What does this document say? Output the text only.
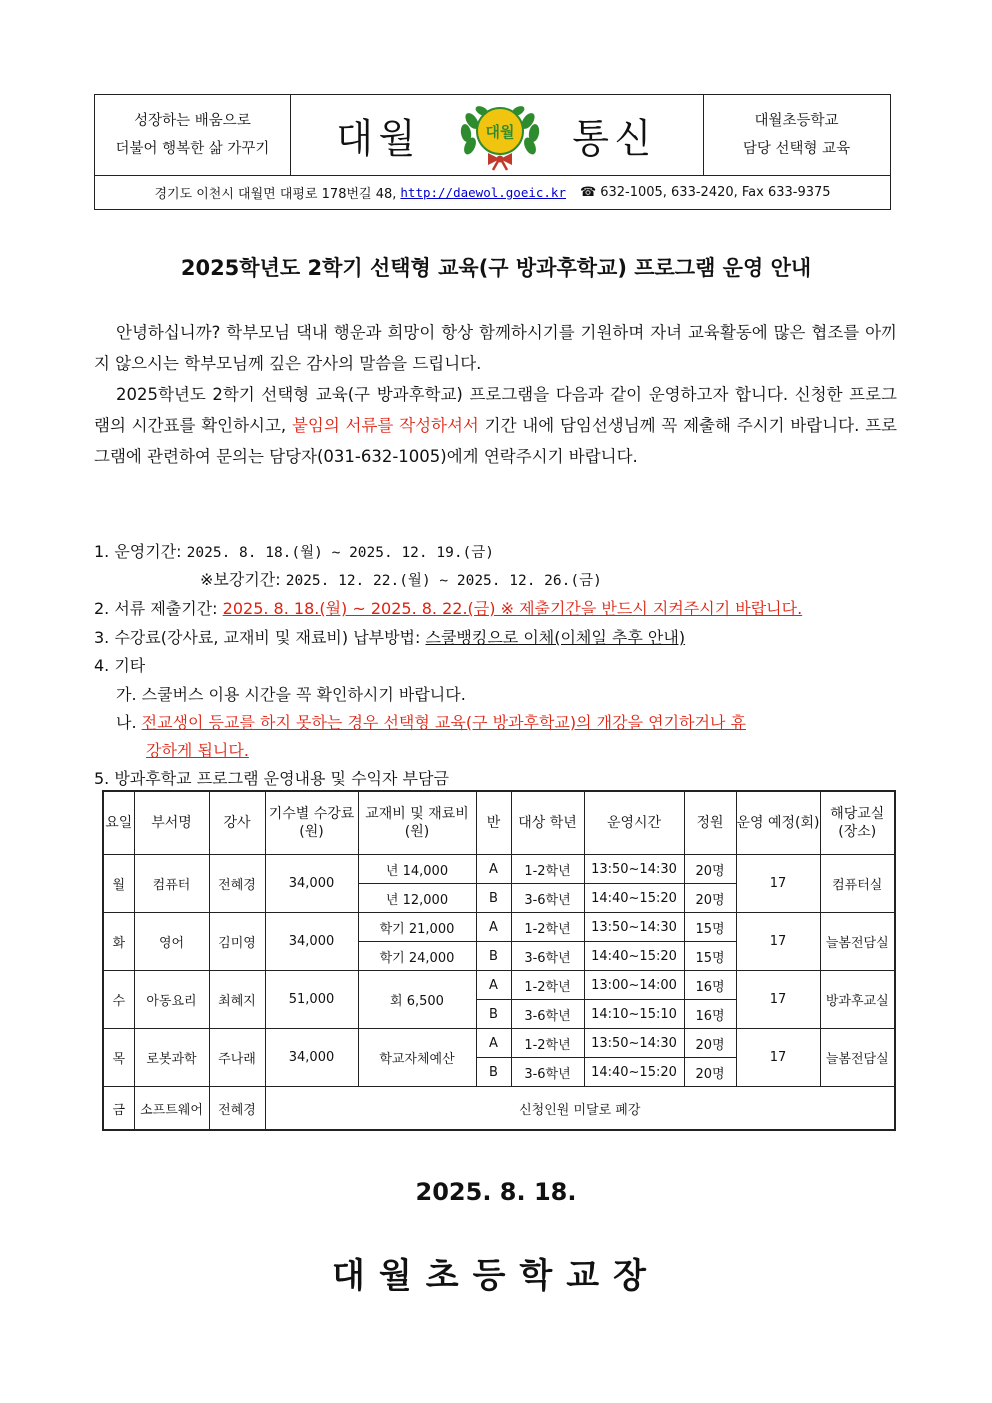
성장하는 배움으로
더불어 행복한 삶 가꾸기 대월	대월 통신	대월초등학교
담당 선택형 교육
경기도 이천시 대월면 대평로 178번길 48, http://daewol.goeic.kr ☎ 632-1005, 633-2420, Fax 633-9375
2025학년도 2학기 선택형 교육(구 방과후학교) 프로그램 운영 안내
안녕하십니까? 학부모님 댁내 행운과 희망이 항상 함께하시기를 기원하며 자녀 교육활동에 많은 협조를 아끼지 않으시는 학부모님께 깊은 감사의 말씀을 드립니다.
2025학년도 2학기 선택형 교육(구 방과후학교) 프로그램을 다음과 같이 운영하고자 합니다. 신청한 프로그램의 시간표를 확인하시고, 붙임의 서류를 작성하셔서 기간 내에 담임선생님께 꼭 제출해 주시기 바랍니다. 프로그램에 관련하여 문의는 담당자(031-632-1005)에게 연락주시기 바랍니다.
1. 운영기간: 2025. 8. 18.(월) ~ 2025. 12. 19.(금)
※보강기간: 2025. 12. 22.(월) ~ 2025. 12. 26.(금)
2. 서류 제출기간: 2025. 8. 18.(월) ~ 2025. 8. 22.(금) ※ 제출기간을 반드시 지켜주시기 바랍니다.
3. 수강료(강사료, 교재비 및 재료비) 납부방법: 스쿨뱅킹으로 이체(이체일 추후 안내)
4. 기타
가. 스쿨버스 이용 시간을 꼭 확인하시기 바랍니다.
나. 전교생이 등교를 하지 못하는 경우 선택형 교육(구 방과후학교)의 개강을 연기하거나 휴
강하게 됩니다.
5. 방과후학교 프로그램 운영내용 및 수익자 부담금
요일	부서명	강사	기수별 수강료(원)	교재비 및 재료비(원)	반	대상 학년	운영시간	정원	운영 예정(회)	해당교실 (장소)
월	컴퓨터	전혜경	34,000	년 14,000	A	1-2학년	13:50~14:30	20명	17	컴퓨터실
				년 12,000	B	3-6학년	14:40~15:20	20명		
화	영어	김미영	34,000	학기 21,000	A	1-2학년	13:50~14:30	15명	17	늘봄전담실
				학기 24,000	B	3-6학년	14:40~15:20	15명		
수	아동요리	최혜지	51,000	회 6,500	A	1-2학년	13:00~14:00	16명	17	방과후교실
					B	3-6학년	14:10~15:10	16명		
목	로봇과학	주나래	34,000	학교자체예산	A	1-2학년	13:50~14:30	20명	17	늘봄전담실
					B	3-6학년	14:40~15:20	20명		
금	소프트웨어	전혜경	신청인원 미달로 폐강							
2025. 8. 18.
대월초등학교장
